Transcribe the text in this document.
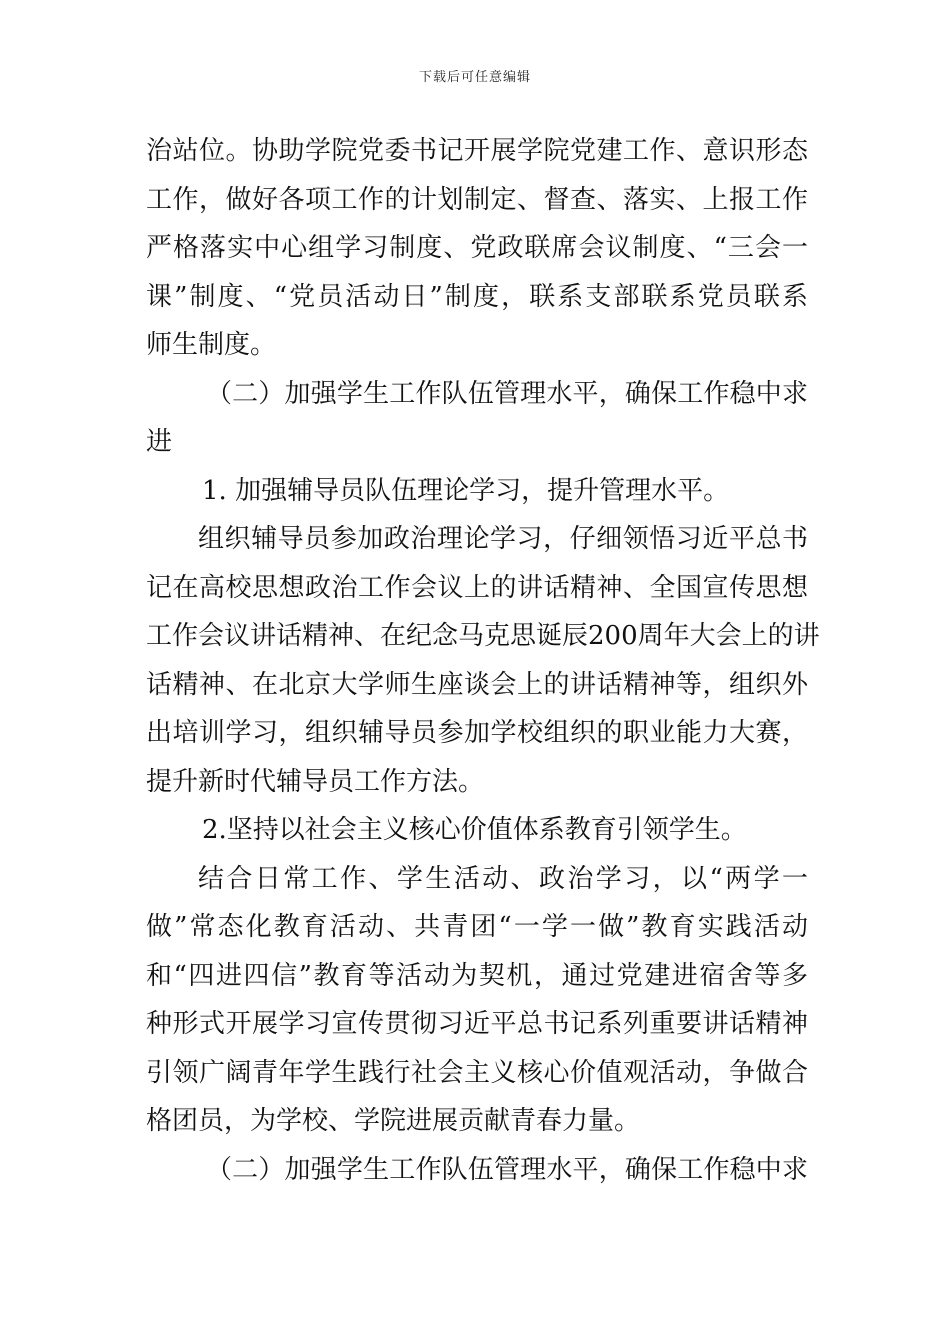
下载后可任意编辑
治站位。协助学院党委书记开展学院党建工作、意识形态
工作，做好各项工作的计划制定、督查、落实、上报工作
严格落实中心组学习制度、党政联席会议制度、“三会一
课”制度、“党员活动日”制度，联系支部联系党员联系
师生制度。
（二）加强学生工作队伍管理水平，确保工作稳中求
进
1. 加强辅导员队伍理论学习，提升管理水平。
组织辅导员参加政治理论学习，仔细领悟习近平总书
记在高校思想政治工作会议上的讲话精神、全国宣传思想
工作会议讲话精神、在纪念马克思诞辰200周年大会上的讲
话精神、在北京大学师生座谈会上的讲话精神等，组织外
出培训学习，组织辅导员参加学校组织的职业能力大赛，
提升新时代辅导员工作方法。
2.坚持以社会主义核心价值体系教育引领学生。
结合日常工作、学生活动、政治学习，以“两学一
做”常态化教育活动、共青团“一学一做”教育实践活动
和“四进四信”教育等活动为契机，通过党建进宿舍等多
种形式开展学习宣传贯彻习近平总书记系列重要讲话精神
引领广阔青年学生践行社会主义核心价值观活动，争做合
格团员，为学校、学院进展贡献青春力量。
（二）加强学生工作队伍管理水平，确保工作稳中求
